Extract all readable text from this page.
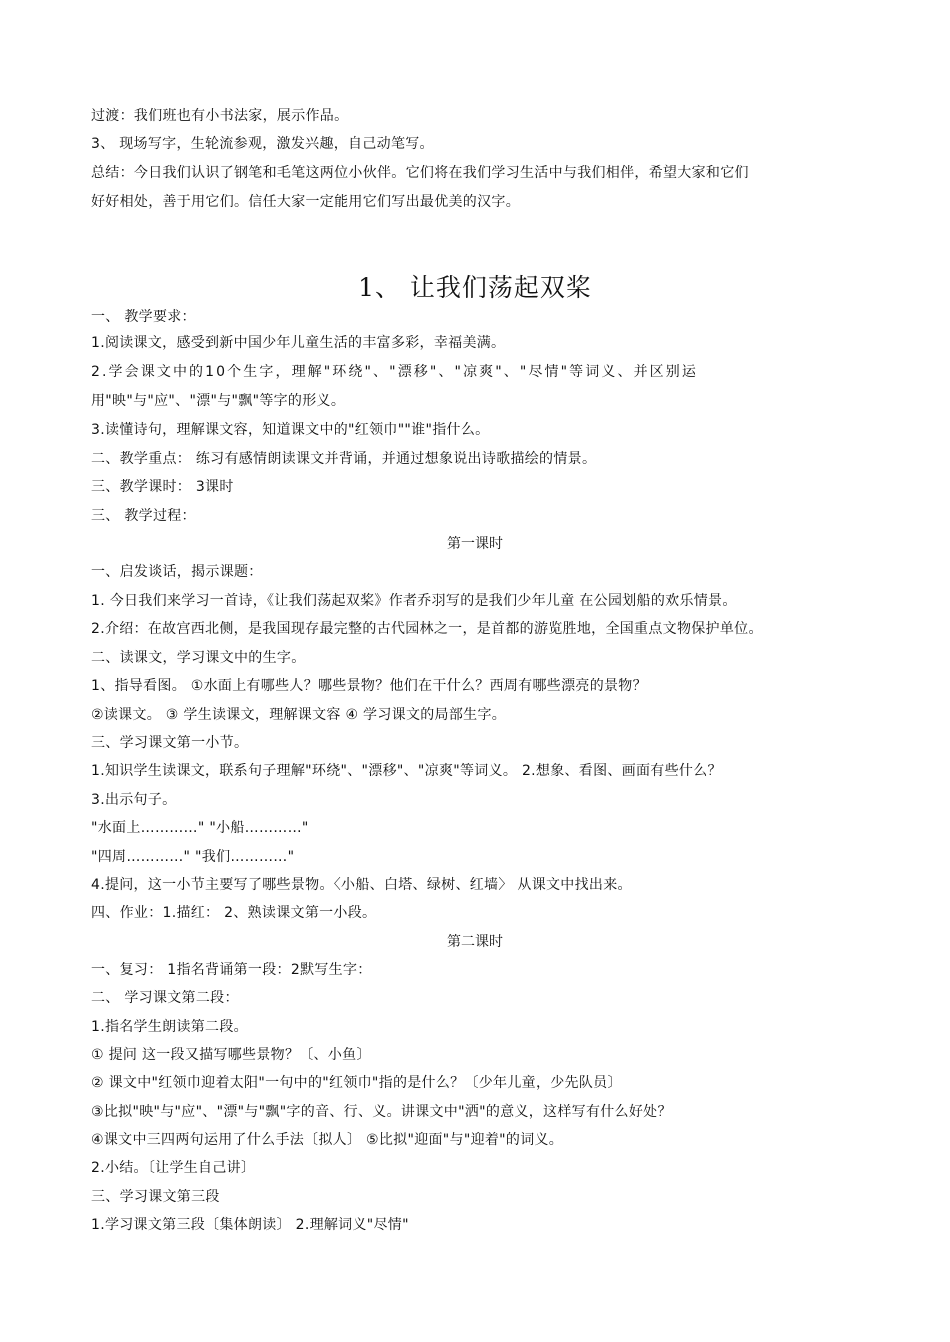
过渡：我们班也有小书法家，展示作品。
3、 现场写字，生轮流参观，激发兴趣，自己动笔写。
总结：今日我们认识了钢笔和毛笔这两位小伙伴。它们将在我们学习生活中与我们相伴，希望大家和它们
好好相处，善于用它们。信任大家一定能用它们写出最优美的汉字。
1、 让我们荡起双桨
一、 教学要求：
1.阅读课文，感受到新中国少年儿童生活的丰富多彩，幸福美满。
2.学会课文中的10个生字，理解"环绕"、"漂移"、"凉爽"、"尽情"等词义、并区别运
用"映"与"应"、"漂"与"飘"等字的形义。
3.读懂诗句，理解课文容，知道课文中的"红领巾""谁"指什么。
二、教学重点： 练习有感情朗读课文并背诵，并通过想象说出诗歌描绘的情景。
三、教学课时： 3课时
三、 教学过程：
第一课时
一、启发谈话，揭示课题：
1. 今日我们来学习一首诗，《让我们荡起双桨》作者乔羽写的是我们少年儿童 在公园划船的欢乐情景。
2.介绍：在故宫西北侧，是我国现存最完整的古代园林之一，是首都的游览胜地，全国重点文物保护单位。
二、读课文，学习课文中的生字。
1、指导看图。 ①水面上有哪些人？哪些景物？他们在干什么？西周有哪些漂亮的景物？
②读课文。 ③ 学生读课文，理解课文容 ④ 学习课文的局部生字。
三、学习课文第一小节。
1.知识学生读课文，联系句子理解"环绕"、"漂移"、"凉爽"等词义。 2.想象、看图、画面有些什么？
3.出示句子。
"水面上…………" "小船…………"
"四周…………" "我们…………"
4.提问，这一小节主要写了哪些景物。〈小船、白塔、绿树、红墙〉 从课文中找出来。
四、作业：1.描红： 2、熟读课文第一小段。
第二课时
一、复习： 1指名背诵第一段：2默写生字：
二、 学习课文第二段：
1.指名学生朗读第二段。
① 提问 这一段又描写哪些景物？〔、小鱼〕
② 课文中"红领巾迎着太阳"一句中的"红领巾"指的是什么？〔少年儿童，少先队员〕
③比拟"映"与"应"、"漂"与"飘"字的音、行、义。讲课文中"洒"的意义，这样写有什么好处？
④课文中三四两句运用了什么手法〔拟人〕 ⑤比拟"迎面"与"迎着"的词义。
2.小结。〔让学生自己讲〕
三、学习课文第三段
1.学习课文第三段〔集体朗读〕 2.理解词义"尽情"
